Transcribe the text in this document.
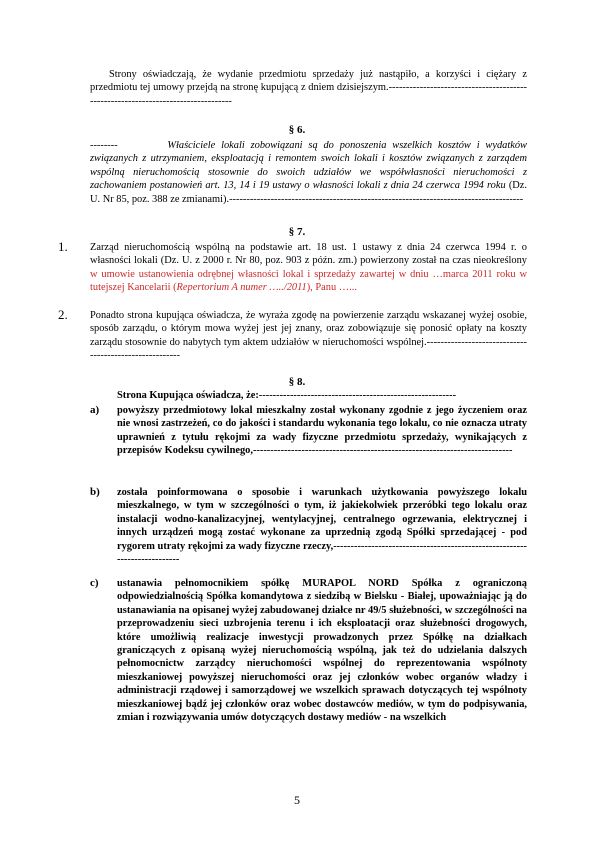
Strony oświadczają, że wydanie przedmiotu sprzedaży już nastąpiło, a korzyści i ciężary z przedmiotu tej umowy przejdą na stronę kupującą z dniem dzisiejszym.---------------------------------------------------------------------------------
§ 6.
--------	Właściciele lokali zobowiązani są do ponoszenia wszelkich kosztów i wydatków związanych z utrzymaniem, eksploatacją i remontem swoich lokali i kosztów związanych z zarządem wspólną nieruchomością stosownie do swoich udziałów we współwłasności nieruchomości z zachowaniem postanowień art. 13, 14 i 19 ustawy o własności lokali z dnia 24 czerwca 1994 roku (Dz. U. Nr 85, poz. 388 ze zmianami).-------------------------------------------------------------------------------------
§ 7.
1. Zarząd nieruchomością wspólną na podstawie art. 18 ust. 1 ustawy z dnia 24 czerwca 1994 r. o własności lokali (Dz. U. z 2000 r. Nr 80, poz. 903 z późn. zm.) powierzony został na czas nieokreślony w umowie ustanowienia odrębnej własności lokal i sprzedaży zawartej w dniu …marca 2011 roku w tutejszej Kancelarii (Repertorium A numer …../2011), Panu …...
2. Ponadto strona kupująca oświadcza, że wyraża zgodę na powierzenie zarządu wskazanej wyżej osobie, sposób zarządu, o którym mowa wyżej jest jej znany, oraz zobowiązuje się ponosić opłaty na koszty zarządu stosownie do nabytych tym aktem udziałów w nieruchomości wspólnej.-------------------------------------------------------
§ 8.
Strona Kupująca oświadcza, że:---------------------------------------------------------
a) powyższy przedmiotowy lokal mieszkalny został wykonany zgodnie z jego życzeniem oraz nie wnosi zastrzeżeń, co do jakości i standardu wykonania tego lokalu, co nie oznacza utraty uprawnień z tytułu rękojmi za wady fizyczne przedmiotu sprzedaży, wynikających z przepisów Kodeksu cywilnego,---------------------------------------------------------------------------
b) została poinformowana o sposobie i warunkach użytkowania powyższego lokalu mieszkalnego, w tym w szczególności o tym, iż jakiekolwiek przeróbki tego lokalu oraz instalacji wodno-kanalizacyjnej, wentylacyjnej, centralnego ogrzewania, elektrycznej i innych urządzeń mogą zostać wykonane za uprzednią zgodą Spółki sprzedającej - pod rygorem utraty rękojmi za wady fizyczne rzeczy,--------------------------------------------------------------------------
c) ustanawia pełnomocnikiem spółkę MURAPOL NORD Spółka z ograniczoną odpowiedzialnością Spółka komandytowa z siedzibą w Bielsku - Białej, upoważniając ją do ustanawiania na opisanej wyżej zabudowanej działce nr 49/5 służebności, w szczególności na przeprowadzeniu sieci uzbrojenia terenu i ich eksploatacji oraz służebności drogowych, które umożliwią realizacje inwestycji prowadzonych przez Spółkę na działkach graniczących z opisaną wyżej nieruchomością wspólną, jak też do udzielania dalszych pełnomocnictw zarządcy nieruchomości wspólnej do reprezentowania wspólnoty mieszkaniowej powyższej nieruchomości oraz jej członków wobec organów władzy i administracji rządowej i samorządowej we wszelkich sprawach dotyczących tej wspólnoty mieszkaniowej bądź jej członków oraz wobec dostawców mediów, w tym do podpisywania, zmian i rozwiązywania umów dotyczących dostawy mediów - na wszelkich
5
